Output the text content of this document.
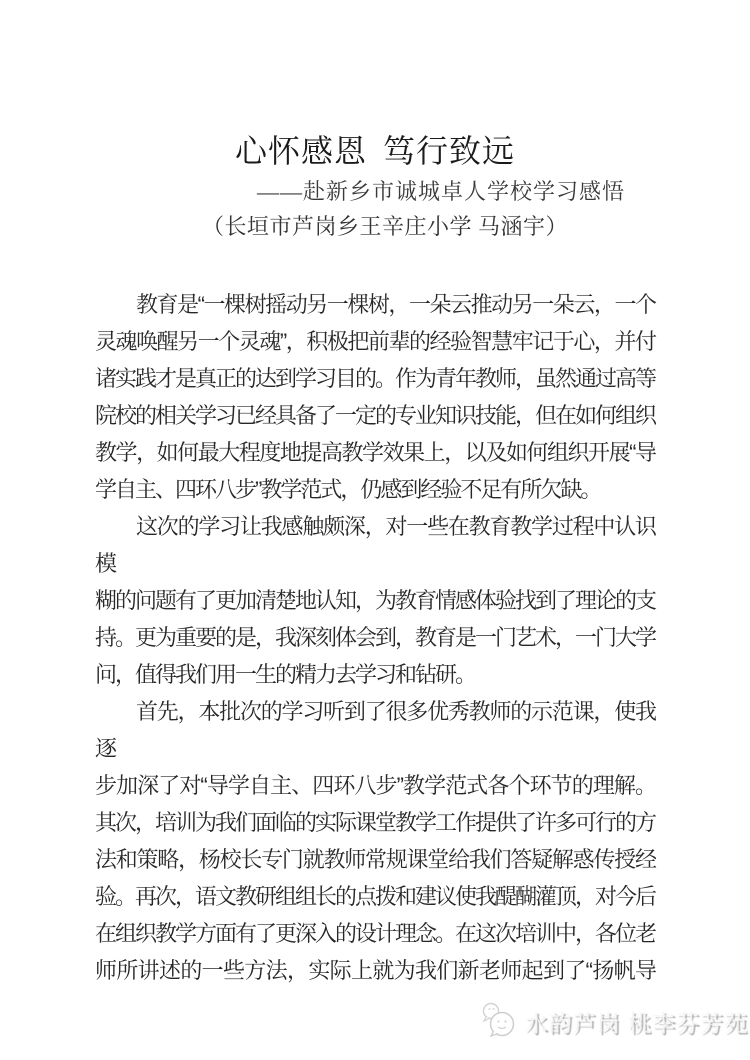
心怀感恩 笃行致远
——赴新乡市诚城卓人学校学习感悟
（长垣市芦岗乡王辛庄小学 马涵宇）
教育是“一棵树摇动另一棵树，一朵云推动另一朵云，一个
灵魂唤醒另一个灵魂”，积极把前辈的经验智慧牢记于心，并付
诸实践才是真正的达到学习目的。作为青年教师，虽然通过高等
院校的相关学习已经具备了一定的专业知识技能，但在如何组织
教学，如何最大程度地提高教学效果上，以及如何组织开展“导
学自主、四环八步”教学范式，仍感到经验不足有所欠缺。
这次的学习让我感触颇深，对一些在教育教学过程中认识模
糊的问题有了更加清楚地认知，为教育情感体验找到了理论的支
持。更为重要的是，我深刻体会到，教育是一门艺术，一门大学
问，值得我们用一生的精力去学习和钻研。
首先，本批次的学习听到了很多优秀教师的示范课，使我逐
步加深了对“导学自主、四环八步”教学范式各个环节的理解。
其次，培训为我们面临的实际课堂教学工作提供了许多可行的方
法和策略，杨校长专门就教师常规课堂给我们答疑解惑传授经
验。再次，语文教研组组长的点拨和建议使我醍醐灌顶，对今后
在组织教学方面有了更深入的设计理念。在这次培训中，各位老
师所讲述的一些方法，实际上就为我们新老师起到了“扬帆导
水韵芦岗 桃李芬芳苑
